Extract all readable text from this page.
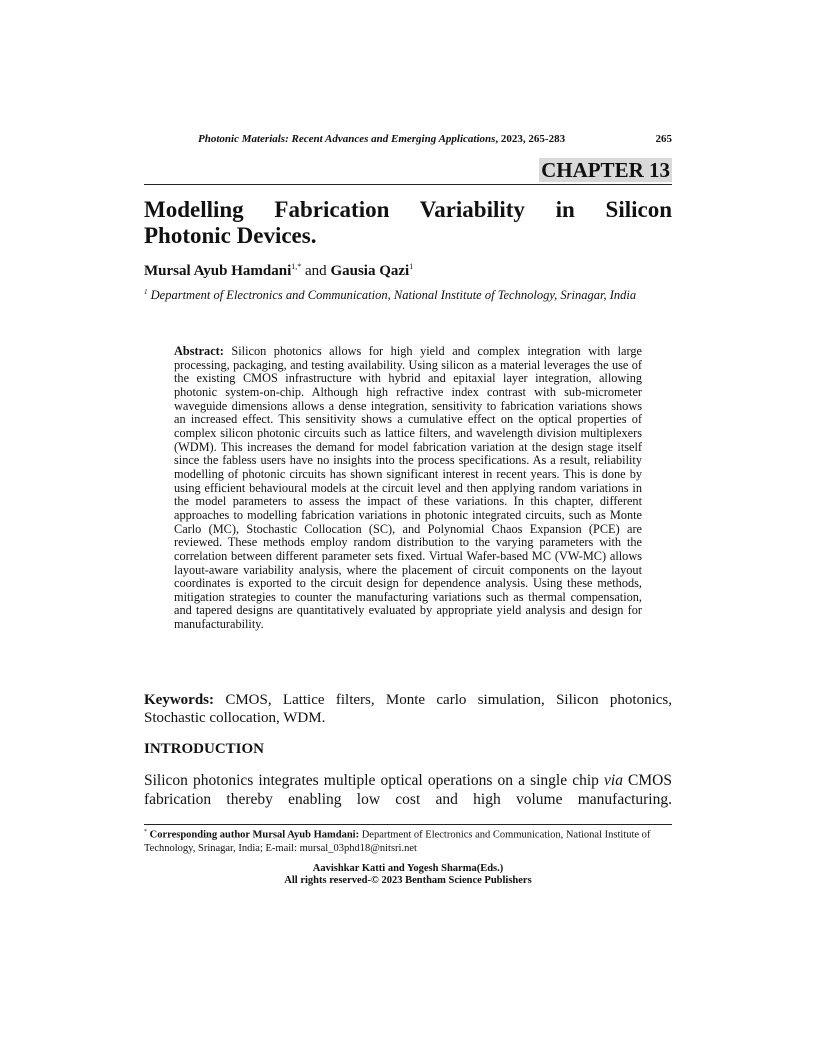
Photonic Materials: Recent Advances and Emerging Applications, 2023, 265-283	265
CHAPTER 13
Modelling Fabrication Variability in Silicon
Photonic Devices.
Mursal Ayub Hamdani$^{1,*}$ and Gausia Qazi$^1$
$^1$ Department of Electronics and Communication, National Institute of Technology, Srinagar, India

Abstract: Silicon photonics allows for high yield and complex integration with large processing, packaging, and testing availability. Using silicon as a material leverages the use of the existing CMOS infrastructure with hybrid and epitaxial layer integration, allowing photonic system-on-chip. Although high refractive index contrast with sub-micrometer waveguide dimensions allows a dense integration, sensitivity to fabrication variations shows an increased effect. This sensitivity shows a cumulative effect on the optical properties of complex silicon photonic circuits such as lattice filters, and wavelength division multiplexers (WDM). This increases the demand for model fabrication variation at the design stage itself since the fabless users have no insights into the process specifications. As a result, reliability modelling of photonic circuits has shown significant interest in recent years. This is done by using efficient behavioural models at the circuit level and then applying random variations in the model parameters to assess the impact of these variations. In this chapter, different approaches to modelling fabrication variations in photonic integrated circuits, such as Monte Carlo (MC), Stochastic Collocation (SC), and Polynomial Chaos Expansion (PCE) are reviewed. These methods employ random distribution to the varying parameters with the correlation between different parameter sets fixed. Virtual Wafer-based MC (VW-MC) allows layout-aware variability analysis, where the placement of circuit components on the layout coordinates is exported to the circuit design for dependence analysis. Using these methods, mitigation strategies to counter the manufacturing variations such as thermal compensation, and tapered designs are quantitatively evaluated by appropriate yield analysis and design for manufacturability.

Keywords: CMOS, Lattice filters, Monte carlo simulation, Silicon photonics, Stochastic collocation, WDM.

INTRODUCTION

Silicon photonics integrates multiple optical operations on a single chip via CMOS fabrication thereby enabling low cost and high volume manufacturing.

* Corresponding author Mursal Ayub Hamdani: Department of Electronics and Communication, National Institute of Technology, Srinagar, India; E-mail: mursal_03phd18@nitsri.net

Aavishkar Katti and Yogesh Sharma(Eds.)
All rights reserved-© 2023 Bentham Science Publishers
